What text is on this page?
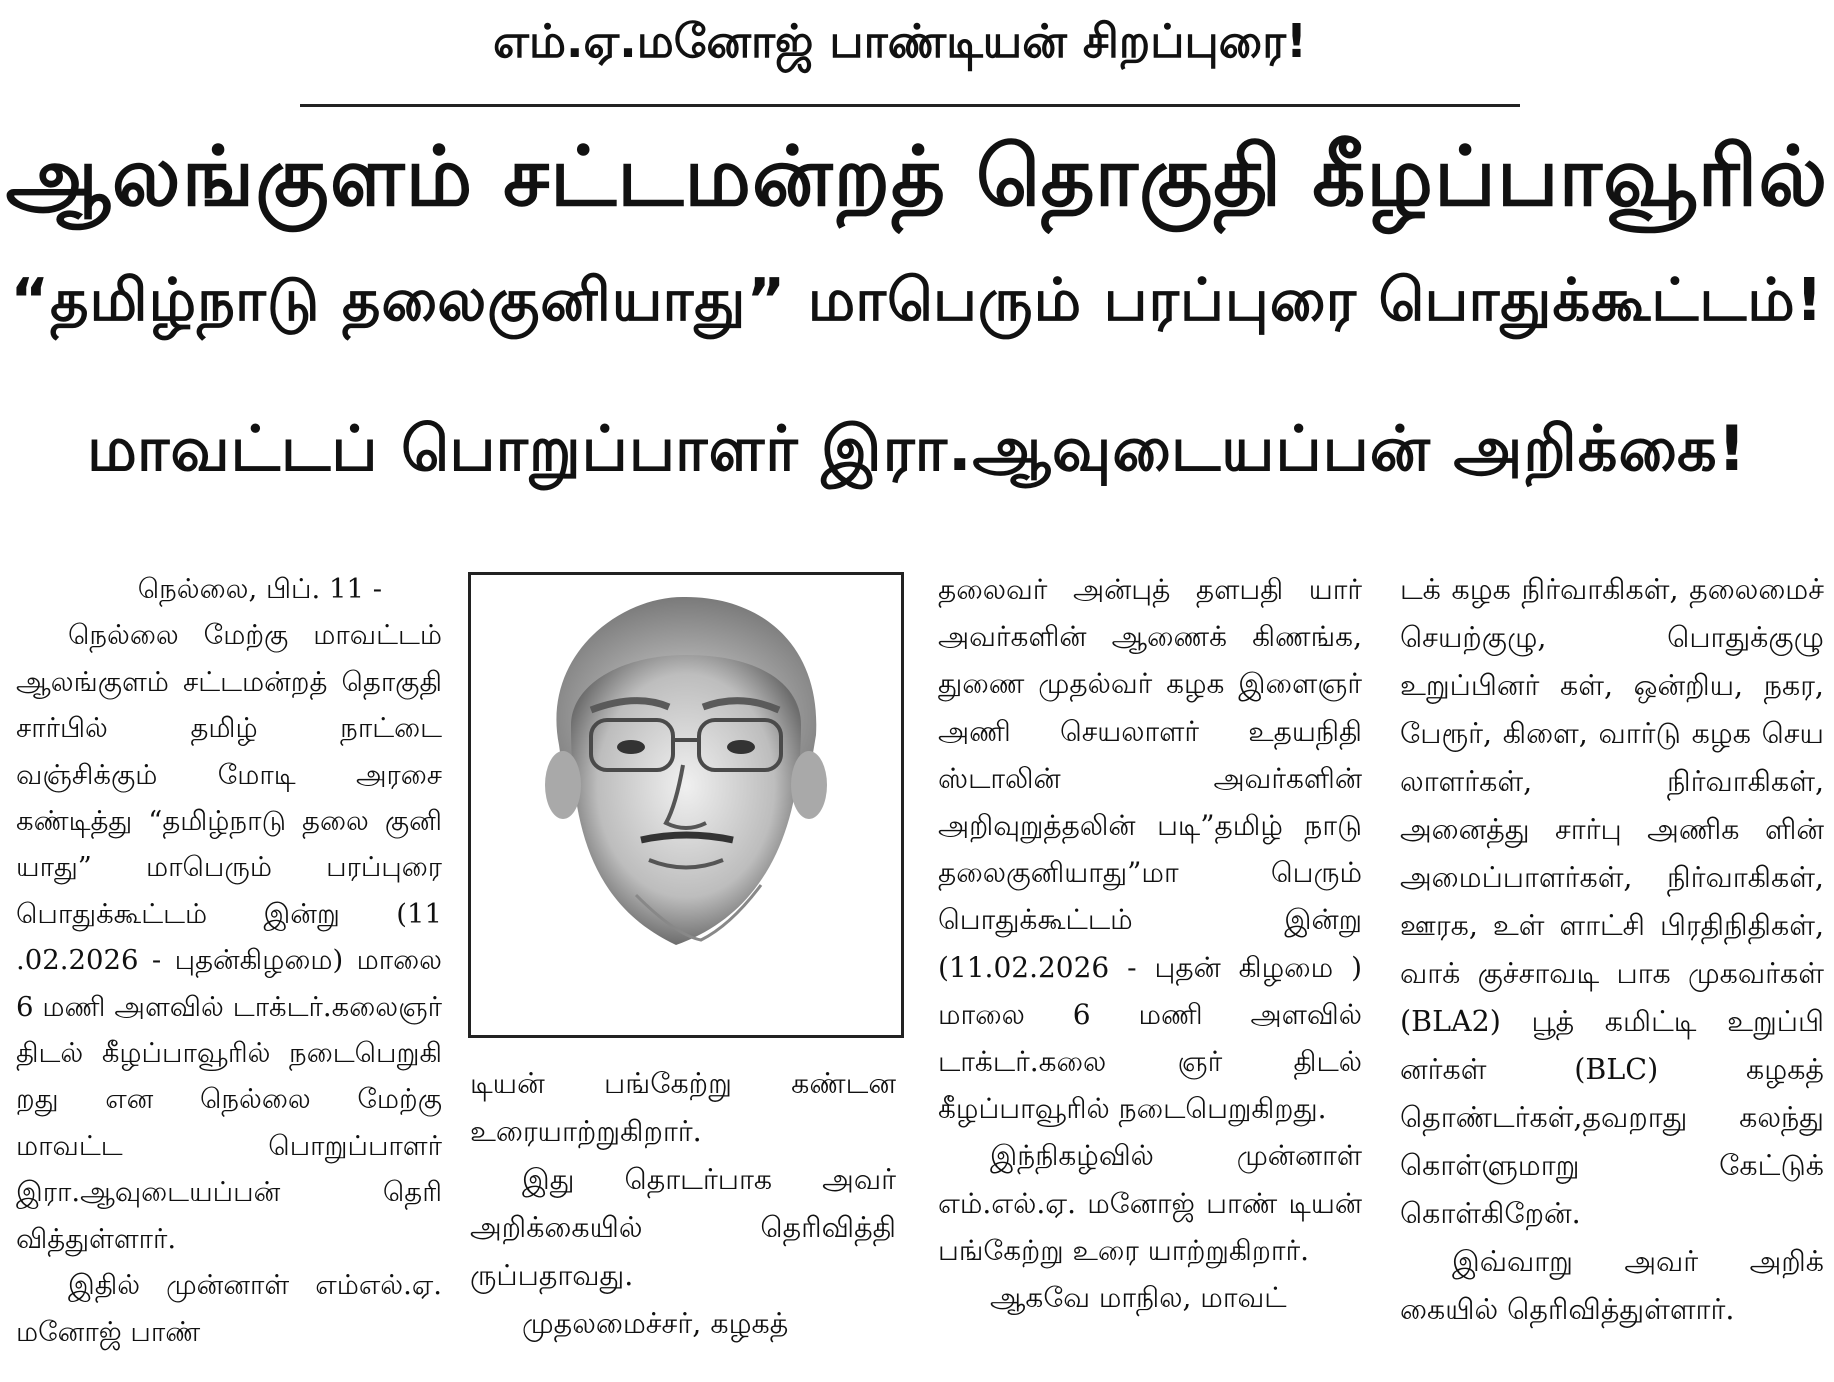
எம்.ஏ.மனோஜ் பாண்டியன் சிறப்புரை!
ஆலங்குளம் சட்டமன்றத் தொகுதி கீழப்பாவூரில்
“தமிழ்நாடு தலைகுனியாது” மாபெரும் பரப்புரை பொதுக்கூட்டம்!
மாவட்டப் பொறுப்பாளர் இரா.ஆவுடையப்பன் அறிக்கை!

நெல்லை, பிப். 11 -

நெல்லை மேற்கு மாவட்டம் ஆலங்குளம் சட்டமன்றத் தொகுதி சார்பில் தமிழ் நாட்டை வஞ்சிக்கும் மோடி அரசை கண்டித்து “தமிழ்நாடு தலை குனி யாது” மாபெரும் பரப்புரை பொதுக்கூட்டம் இன்று (11 .02.2026 - புதன்கிழமை) மாலை 6 மணி அளவில் டாக்டர்.கலைஞர் திடல் கீழப்பாவூரில் நடைபெறுகி றது என நெல்லை மேற்கு மாவட்ட பொறுப்பாளர் இரா.ஆவுடையப்பன் தெரி வித்துள்ளார்.

இதில் முன்னாள் எம்எல்.ஏ. மனோஜ் பாண்

டியன் பங்கேற்று கண்டன உரையாற்றுகிறார்.

இது தொடர்பாக அவர் அறிக்கையில் தெரிவித்தி ருப்பதாவது.

முதலமைச்சர், கழகத்

தலைவர் அன்புத் தளபதி யார் அவர்களின் ஆணைக் கிணங்க, துணை முதல்வர் கழக இளைஞர் அணி செயலாளர் உதயநிதி ஸ்டாலின் அவர்களின் அறிவுறுத்தலின் படி”தமிழ் நாடு தலைகுனியாது”மா பெரும் பொதுக்கூட்டம் இன்று (11.02.2026 - புதன் கிழமை ) மாலை 6 மணி அளவில் டாக்டர்.கலை ஞர் திடல் கீழப்பாவூரில் நடைபெறுகிறது.

இந்நிகழ்வில் முன்னாள் எம்.எல்.ஏ. மனோஜ் பாண் டியன் பங்கேற்று உரை யாற்றுகிறார்.

ஆகவே மாநில, மாவட்

டக் கழக நிர்வாகிகள், தலைமைச் செயற்குழு, பொதுக்குழு உறுப்பினர் கள், ஒன்றிய, நகர, பேரூர், கிளை, வார்டு கழக செய லாளர்கள், நிர்வாகிகள், அனைத்து சார்பு அணிக ளின் அமைப்பாளர்கள், நிர்வாகிகள், ஊரக, உள் ளாட்சி பிரதிநிதிகள், வாக் குச்சாவடி பாக முகவர்கள் (BLA2) பூத் கமிட்டி உறுப்பி னர்கள் (BLC) கழகத் தொண்டர்கள்,தவறாது கலந்து கொள்ளுமாறு கேட்டுக் கொள்கிறேன்.

இவ்வாறு அவர் அறிக் கையில் தெரிவித்துள்ளார்.
